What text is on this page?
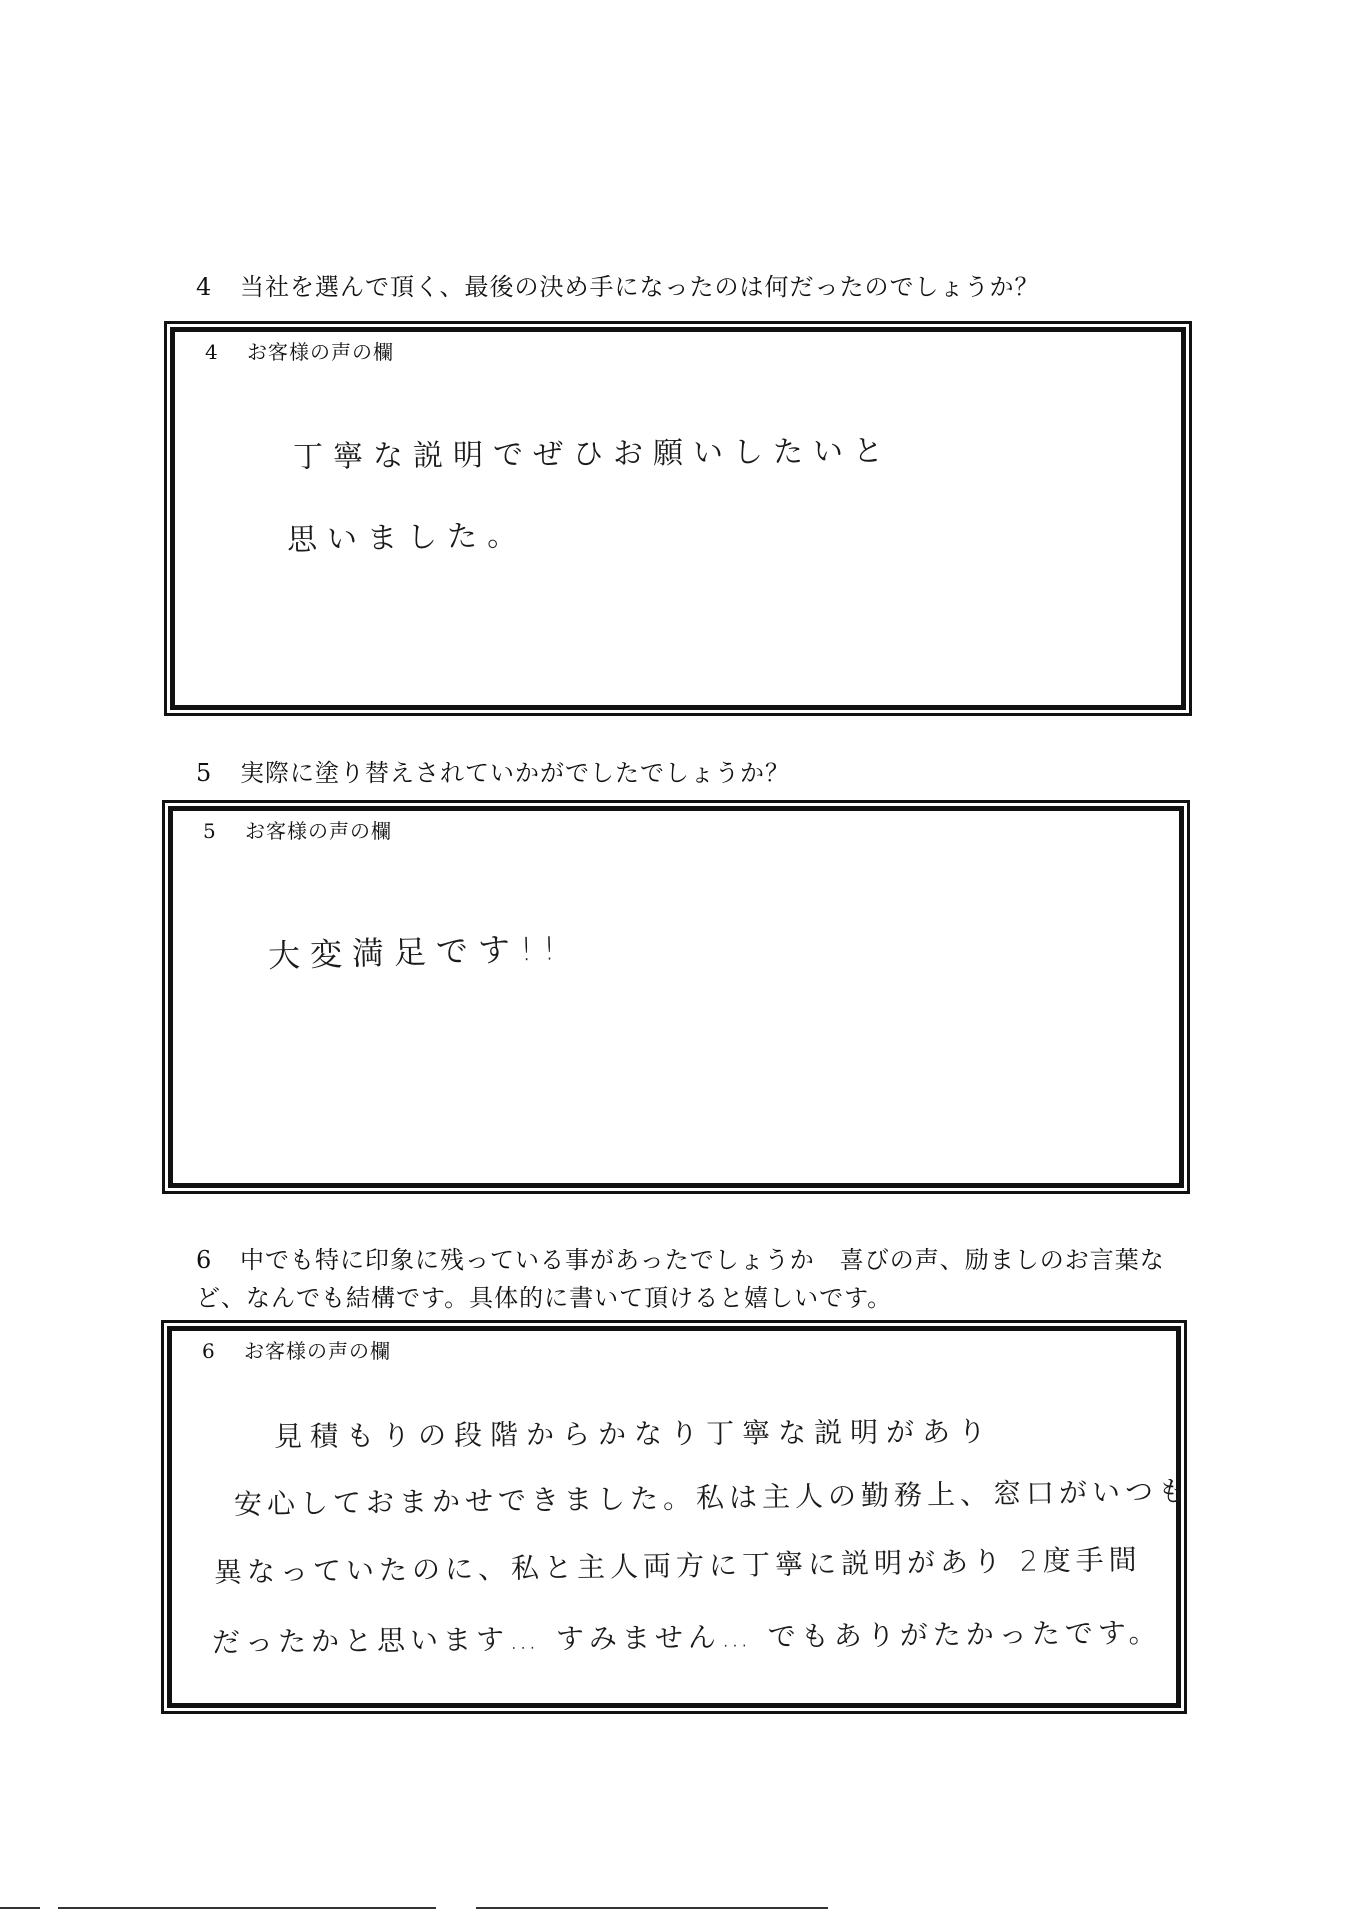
4 当社を選んで頂く、最後の決め手になったのは何だったのでしょうか？
4 お客様の声の欄
丁寧な説明でぜひお願いしたいと
思いました。
5 実際に塗り替えされていかがでしたでしょうか？
5 お客様の声の欄
大変満足です!!
6 中でも特に印象に残っている事があったでしょうか　喜びの声、励ましのお言葉な
ど、なんでも結構です。具体的に書いて頂けると嬉しいです。
6 お客様の声の欄
見積もりの段階からかなり丁寧な説明があり
安心しておまかせできました。私は主人の勤務上、窓口がいつも
異なっていたのに、私と主人両方に丁寧に説明があり 2度手間
だったかと思います… すみません… でもありがたかったです。
